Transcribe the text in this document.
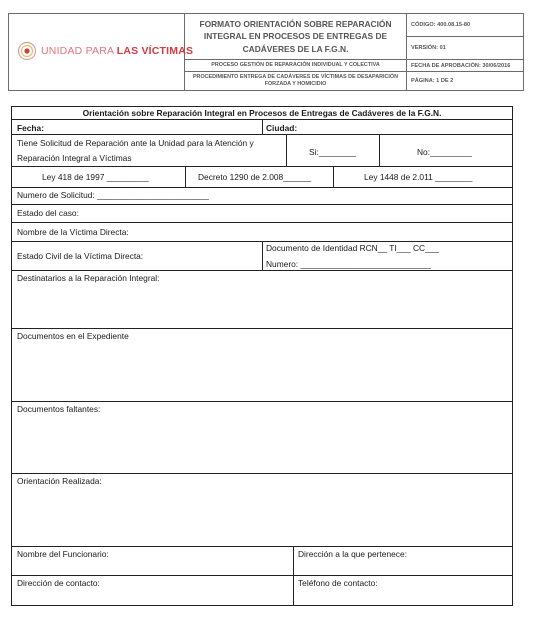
UNIDAD PARA LAS VÍCTIMAS
FORMATO ORIENTACIÓN SOBRE REPARACIÓN INTEGRAL EN PROCESOS DE ENTREGAS DE CADÁVERES DE LA F.G.N.
PROCESO GESTIÓN DE REPARACIÓN INDIVIDUAL Y COLECTIVA
PROCEDIMIENTO ENTREGA DE CADÁVERES DE VÍCTIMAS DE DESAPARICIÓN FORZADA Y HOMICIDIO
CÓDIGO: 400.08.15-80
VERSIÓN: 01
FECHA DE APROBACIÓN: 30/06/2016
PÁGINA: 1 DE 2
Orientación sobre Reparación Integral en Procesos de Entregas de Cadáveres de la F.G.N.
Fecha:	Ciudad:
Tiene Solicitud de Reparación ante la Unidad para la Atención y
Reparación Integral a Víctimas
Si:________	No:_________
Ley 418 de 1997 _________	Decreto 1290 de 2.008______	Ley 1448 de 2.011 ________
Numero de Solicitud: ________________________
Estado del caso:
Nombre de la Víctima Directa:
Estado Civil de la Víctima Directa:
Documento de Identidad RCN__ TI___ CC___
Numero: ____________________________
Destinatarios a la Reparación Integral:
Documentos en el Expediente
Documentos faltantes:
Orientación Realizada:
Nombre del Funcionario:	Dirección a la que pertenece:
Dirección de contacto:	Teléfono de contacto:
